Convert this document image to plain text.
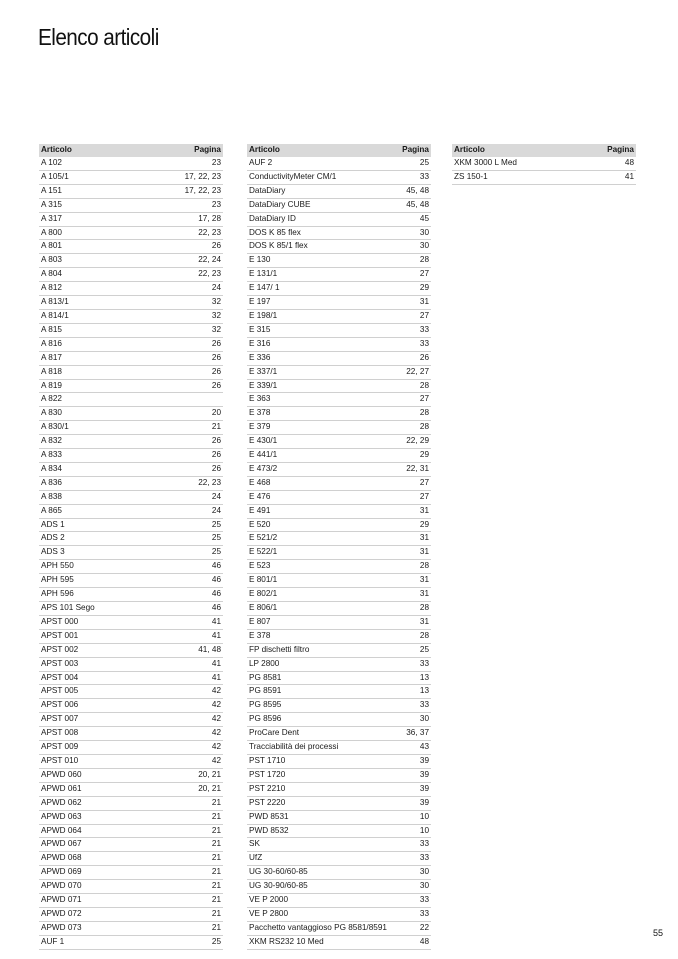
Elenco articoli
Articolo	Pagina
A 102	23
A 105/1	17, 22, 23
A 151	17, 22, 23
A 315	23
A 317	17, 28
A 800	22, 23
A 801	26
A 803	22, 24
A 804	22, 23
A 812	24
A 813/1	32
A 814/1	32
A 815	32
A 816	26
A 817	26
A 818	26
A 819	26
A 822	
A 830	20
A 830/1	21
A 832	26
A 833	26
A 834	26
A 836	22, 23
A 838	24
A 865	24
ADS 1	25
ADS 2	25
ADS 3	25
APH 550	46
APH 595	46
APH 596	46
APS 101 Sego	46
APST 000	41
APST 001	41
APST 002	41, 48
APST 003	41
APST 004	41
APST 005	42
APST 006	42
APST 007	42
APST 008	42
APST 009	42
APST 010	42
APWD 060	20, 21
APWD 061	20, 21
APWD 062	21
APWD 063	21
APWD 064	21
APWD 067	21
APWD 068	21
APWD 069	21
APWD 070	21
APWD 071	21
APWD 072	21
APWD 073	21
AUF 1	25
Articolo	Pagina
AUF 2	25
ConductivityMeter CM/1	33
DataDiary	45, 48
DataDiary CUBE	45, 48
DataDiary ID	45
DOS K 85 flex	30
DOS K 85/1 flex	30
E 130	28
E 131/1	27
E 147/ 1	29
E 197	31
E 198/1	27
E 315	33
E 316	33
E 336	26
E 337/1	22, 27
E 339/1	28
E 363	27
E 378	28
E 379	28
E 430/1	22, 29
E 441/1	29
E 473/2	22, 31
E 468	27
E 476	27
E 491	31
E 520	29
E 521/2	31
E 522/1	31
E 523	28
E 801/1	31
E 802/1	31
E 806/1	28
E 807	31
E 378	28
FP dischetti filtro	25
LP 2800	33
PG 8581	13
PG 8591	13
PG 8595	33
PG 8596	30
ProCare Dent	36, 37
Tracciabilità dei processi	43
PST 1710	39
PST 1720	39
PST 2210	39
PST 2220	39
PWD 8531	10
PWD 8532	10
SK	33
UfZ	33
UG 30-60/60-85	30
UG 30-90/60-85	30
VE P 2000	33
VE P 2800	33
Pacchetto vantaggioso PG 8581/8591	22
XKM RS232 10 Med	48
Articolo	Pagina
XKM 3000 L Med	48
ZS 150-1	41
55
